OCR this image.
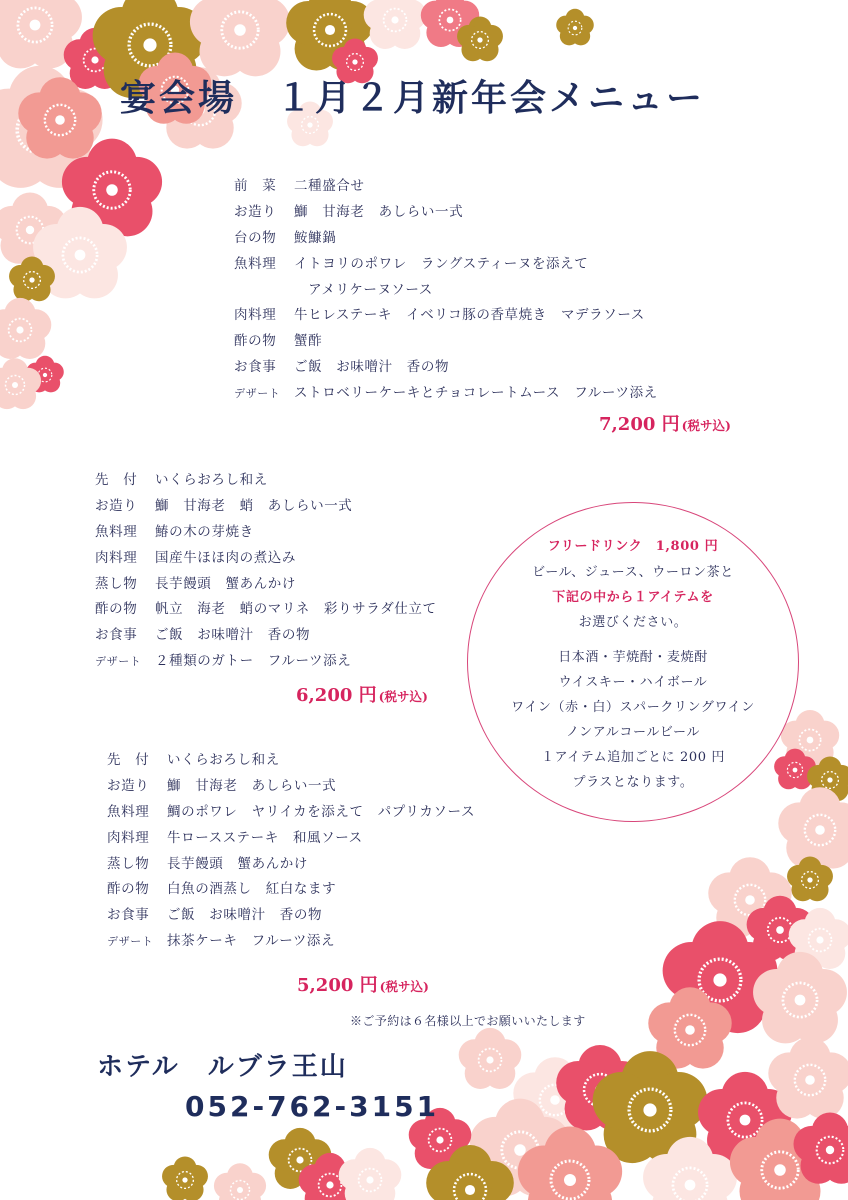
宴会場　１月２月新年会メニュー
前　菜 二種盛合せ
お造り 鰤　甘海老　あしらい一式
台の物 鮟鱇鍋
魚料理 イトヨリのポワレ　ラングスティーヌを添えて
　アメリケーヌソース
肉料理 牛ヒレステーキ　イベリコ豚の香草焼き　マデラソース
酢の物 蟹酢
お食事 ご飯　お味噌汁　香の物
デザート ストロベリーケーキとチョコレートムース　フルーツ添え
7,200 円 (税サ込)
先　付 いくらおろし和え
お造り 鰤　甘海老　蛸　あしらい一式
魚料理 鰆の木の芽焼き
肉料理 国産牛ほほ肉の煮込み
蒸し物 長芋饅頭　蟹あんかけ
酢の物 帆立　海老　蛸のマリネ　彩りサラダ仕立て
お食事 ご飯　お味噌汁　香の物
デザート ２種類のガトー　フルーツ添え
6,200 円 (税サ込)
フリードリンク　1,800 円
ビール、ジュース、ウーロン茶と
下記の中から１アイテムを
お選びください。
日本酒・芋焼酎・麦焼酎
ウイスキー・ハイボール
ワイン（赤・白）スパークリングワイン
ノンアルコールビール
１アイテム追加ごとに 200 円
プラスとなります。
先　付 いくらおろし和え
お造り 鰤　甘海老　あしらい一式
魚料理 鯛のポワレ　ヤリイカを添えて　パプリカソース
肉料理 牛ロースステーキ　和風ソース
蒸し物 長芋饅頭　蟹あんかけ
酢の物 白魚の酒蒸し　紅白なます
お食事 ご飯　お味噌汁　香の物
デザート 抹茶ケーキ　フルーツ添え
5,200 円 (税サ込)
※ご予約は６名様以上でお願いいたします
ホテル　ルブラ王山
052-762-3151
